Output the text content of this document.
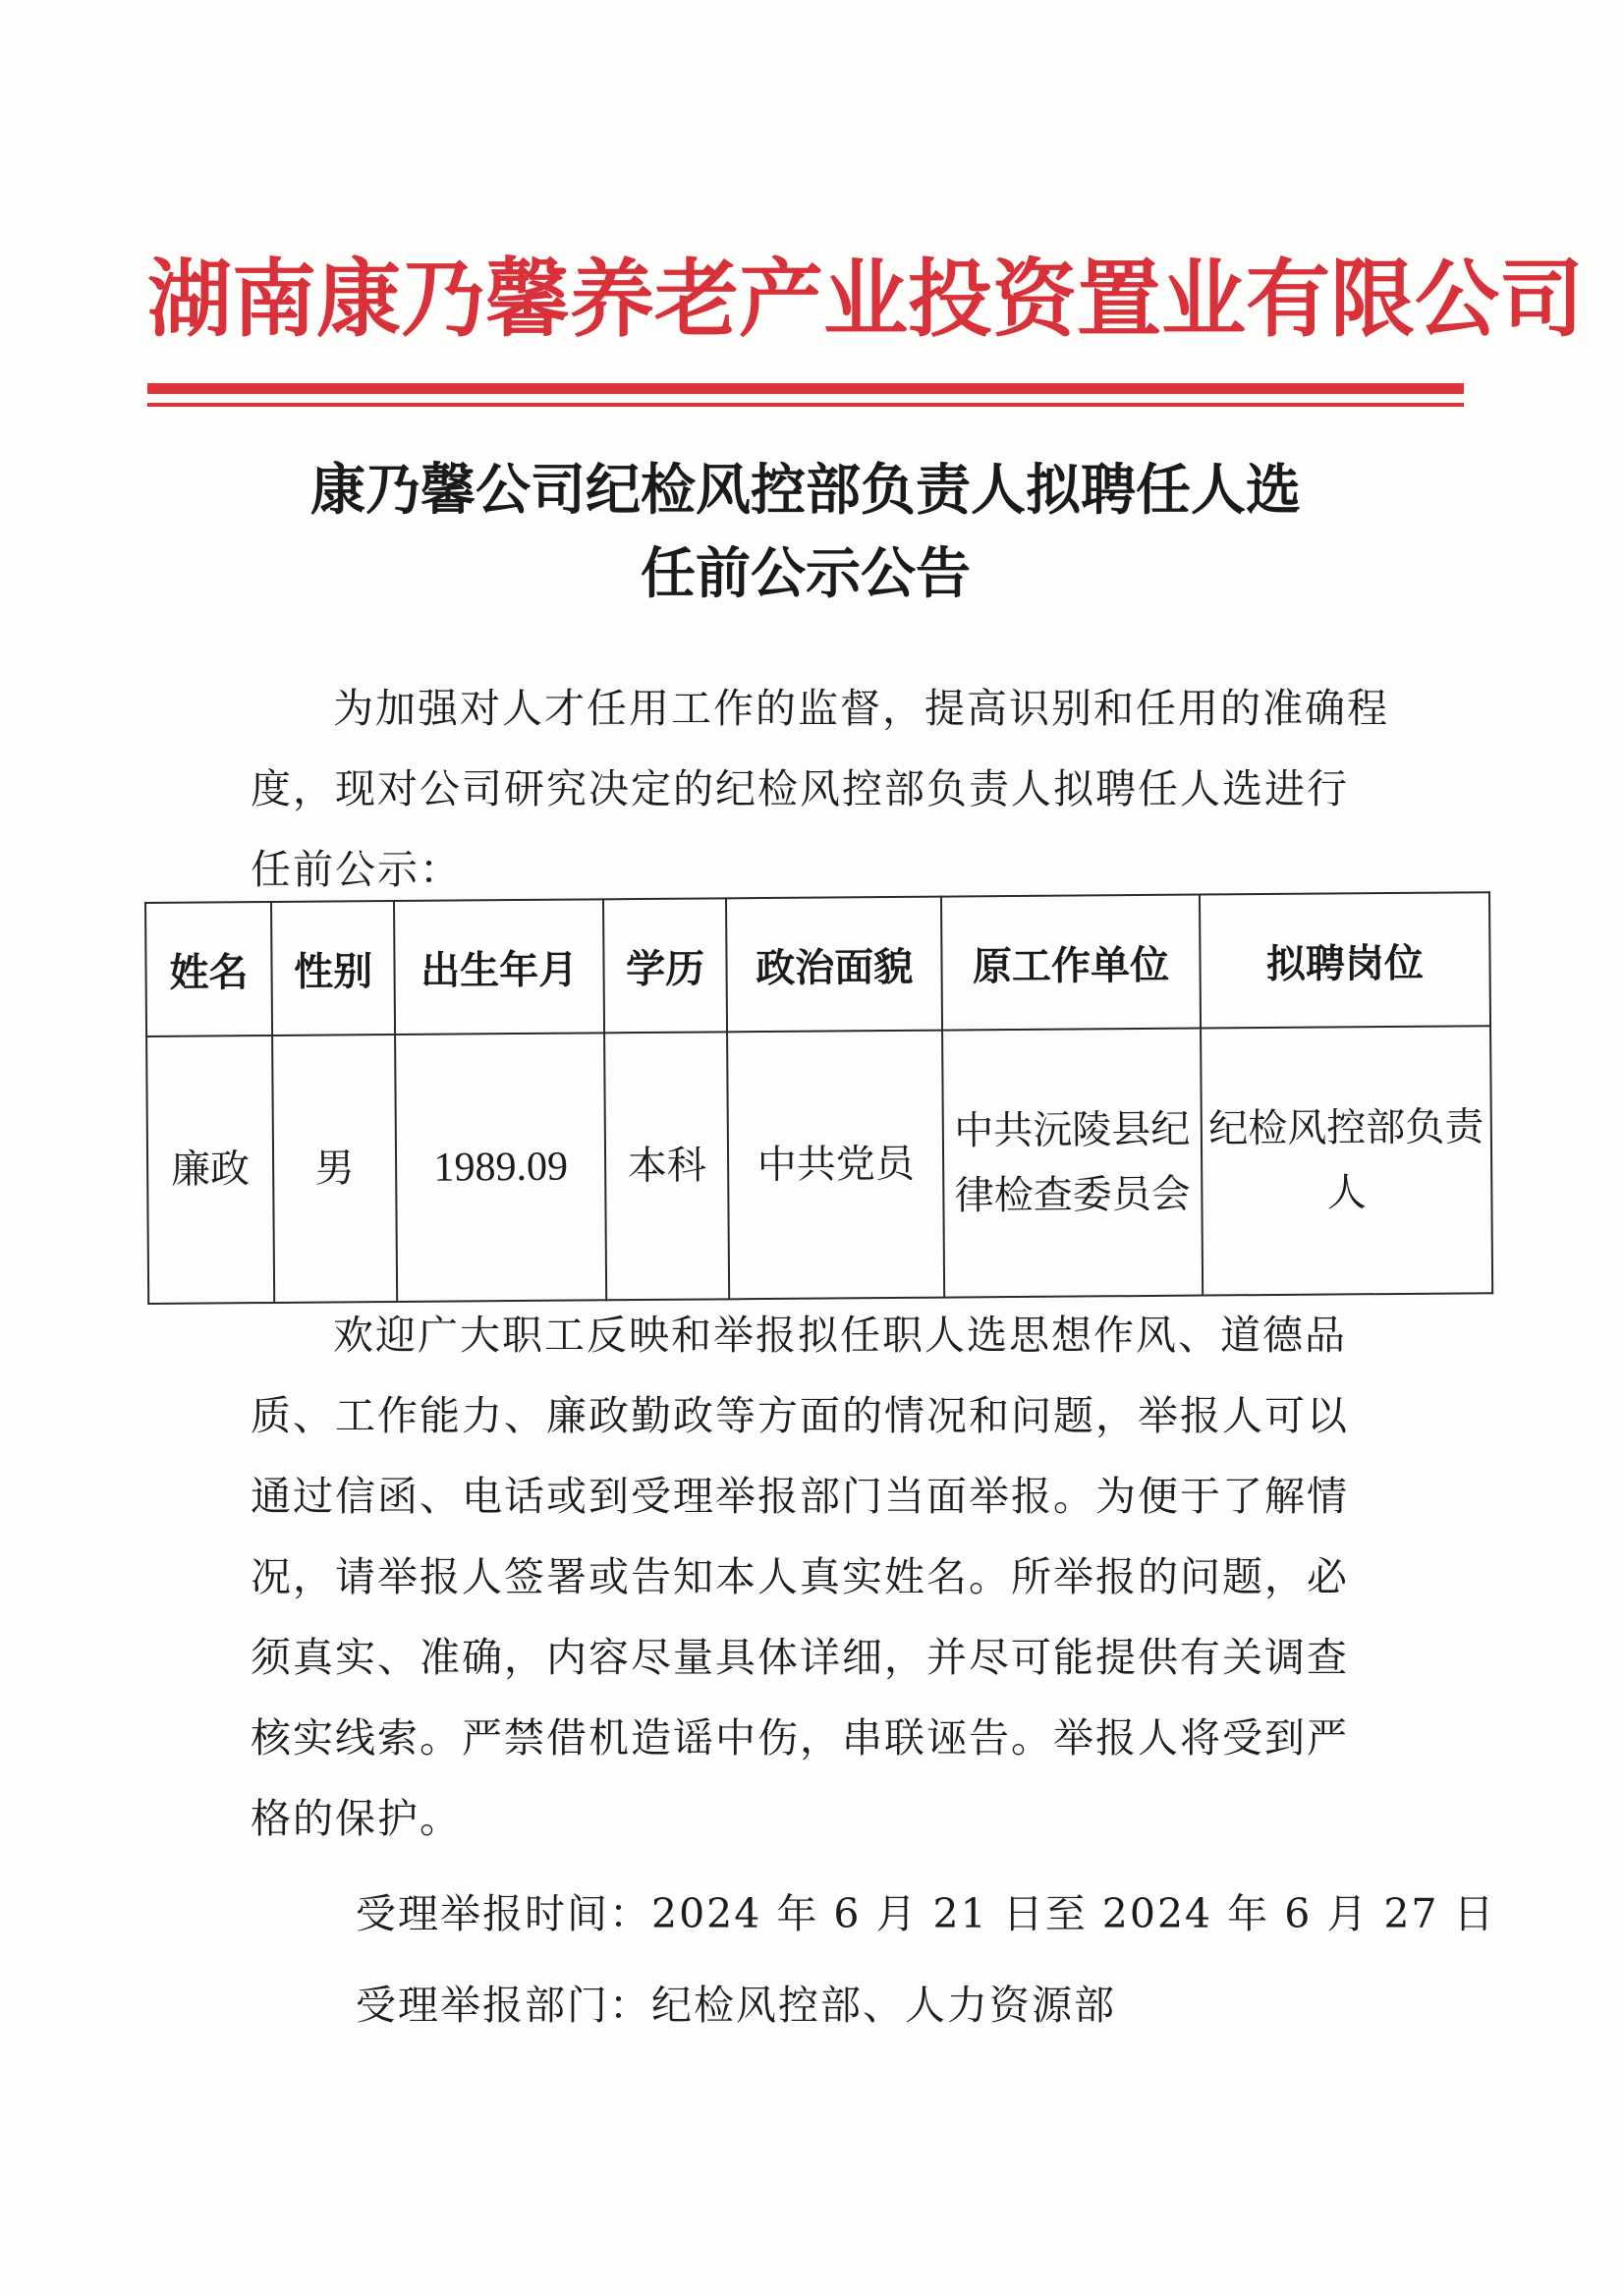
湖南康乃馨养老产业投资置业有限公司
康乃馨公司纪检风控部负责人拟聘任人选
任前公示公告
为加强对人才任用工作的监督，提高识别和任用的准确程度，现对公司研究决定的纪检风控部负责人拟聘任人选进行任前公示：
姓名	性别	出生年月	学历	政治面貌	原工作单位	拟聘岗位
廉政	男	1989.09	本科	中共党员	中共沅陵县纪律检查委员会	纪检风控部负责人
欢迎广大职工反映和举报拟任职人选思想作风、道德品质、工作能力、廉政勤政等方面的情况和问题，举报人可以通过信函、电话或到受理举报部门当面举报。为便于了解情况，请举报人签署或告知本人真实姓名。所举报的问题，必须真实、准确，内容尽量具体详细，并尽可能提供有关调查核实线索。严禁借机造谣中伤，串联诬告。举报人将受到严格的保护。
受理举报时间：2024 年 6 月 21 日至 2024 年 6 月 27 日
受理举报部门：纪检风控部、人力资源部
